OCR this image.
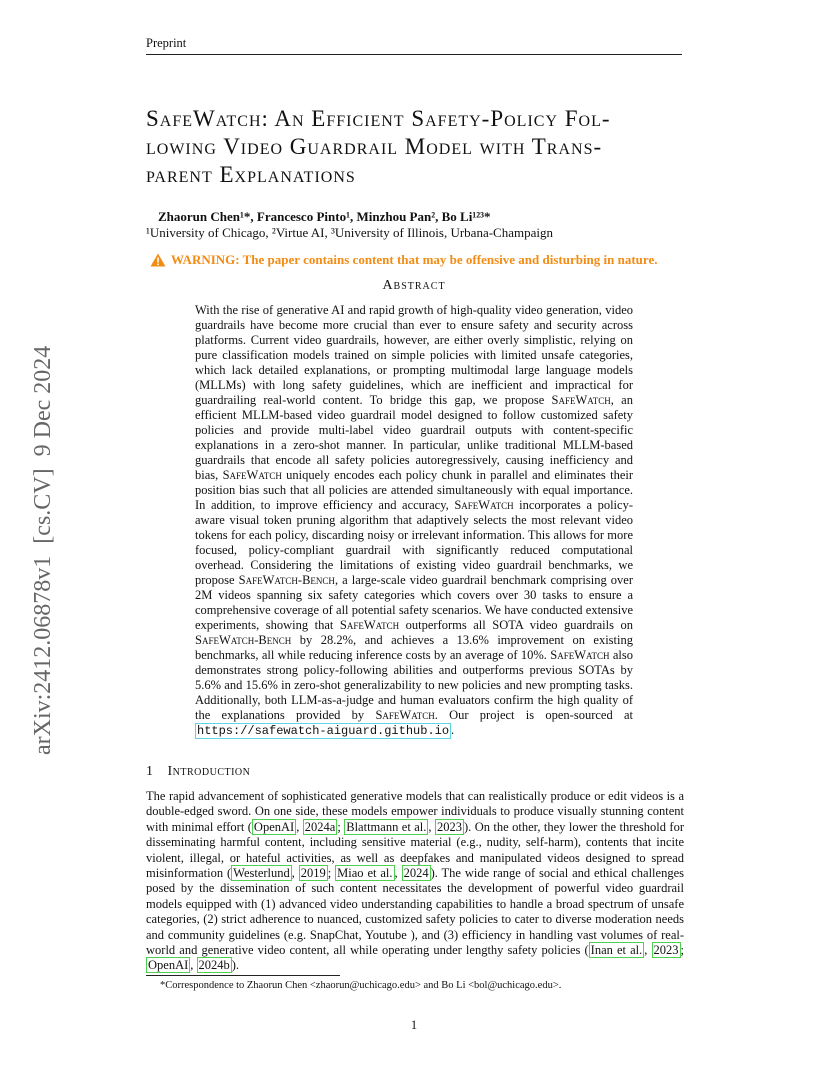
Preprint
arXiv:2412.06878v1  [cs.CV]  9 Dec 2024
SafeWatch: An Efficient Safety-Policy Fol-
lowing Video Guardrail Model with Trans-
parent Explanations
Zhaorun Chen¹*, Francesco Pinto¹, Minzhou Pan², Bo Li¹²³*
¹University of Chicago, ²Virtue AI, ³University of Illinois, Urbana-Champaign
WARNING: The paper contains content that may be offensive and disturbing in nature.
Abstract
With the rise of generative AI and rapid growth of high-quality video generation, video guardrails have become more crucial than ever to ensure safety and security across platforms. Current video guardrails, however, are either overly simplistic, relying on pure classification models trained on simple policies with limited unsafe categories, which lack detailed explanations, or prompting multimodal large language models (MLLMs) with long safety guidelines, which are inefficient and impractical for guardrailing real-world content. To bridge this gap, we propose SafeWatch, an efficient MLLM-based video guardrail model designed to follow customized safety policies and provide multi-label video guardrail outputs with content-specific explanations in a zero-shot manner. In particular, unlike traditional MLLM-based guardrails that encode all safety policies autoregressively, causing inefficiency and bias, SafeWatch uniquely encodes each policy chunk in parallel and eliminates their position bias such that all policies are attended simultaneously with equal importance. In addition, to improve efficiency and accuracy, SafeWatch incorporates a policy-aware visual token pruning algorithm that adaptively selects the most relevant video tokens for each policy, discarding noisy or irrelevant information. This allows for more focused, policy-compliant guardrail with significantly reduced computational overhead. Considering the limitations of existing video guardrail benchmarks, we propose SafeWatch-Bench, a large-scale video guardrail benchmark comprising over 2M videos spanning six safety categories which covers over 30 tasks to ensure a comprehensive coverage of all potential safety scenarios. We have conducted extensive experiments, showing that SafeWatch outperforms all SOTA video guardrails on SafeWatch-Bench by 28.2%, and achieves a 13.6% improvement on existing benchmarks, all while reducing inference costs by an average of 10%. SafeWatch also demonstrates strong policy-following abilities and outperforms previous SOTAs by 5.6% and 15.6% in zero-shot generalizability to new policies and new prompting tasks. Additionally, both LLM-as-a-judge and human evaluators confirm the high quality of the explanations provided by SafeWatch. Our project is open-sourced at https://safewatch-aiguard.github.io .
1 Introduction
The rapid advancement of sophisticated generative models that can realistically produce or edit videos is a double-edged sword. On one side, these models empower individuals to produce visually stunning content with minimal effort ( OpenAI , 2024a ; Blattmann et al. , 2023 ). On the other, they lower the threshold for disseminating harmful content, including sensitive material (e.g., nudity, self-harm), contents that incite violent, illegal, or hateful activities, as well as deepfakes and manipulated videos designed to spread misinformation ( Westerlund , 2019 ; Miao et al. , 2024 ). The wide range of social and ethical challenges posed by the dissemination of such content necessitates the development of powerful video guardrail models equipped with (1) advanced video understanding capabilities to handle a broad spectrum of unsafe categories, (2) strict adherence to nuanced, customized safety policies to cater to diverse moderation needs and community guidelines (e.g. SnapChat, Youtube ), and (3) efficiency in handling vast volumes of real-world and generative video content, all while operating under lengthy safety policies ( Inan et al. , 2023 ; OpenAI , 2024b ).
*Correspondence to Zhaorun Chen <zhaorun@uchicago.edu> and Bo Li <bol@uchicago.edu>.
1
